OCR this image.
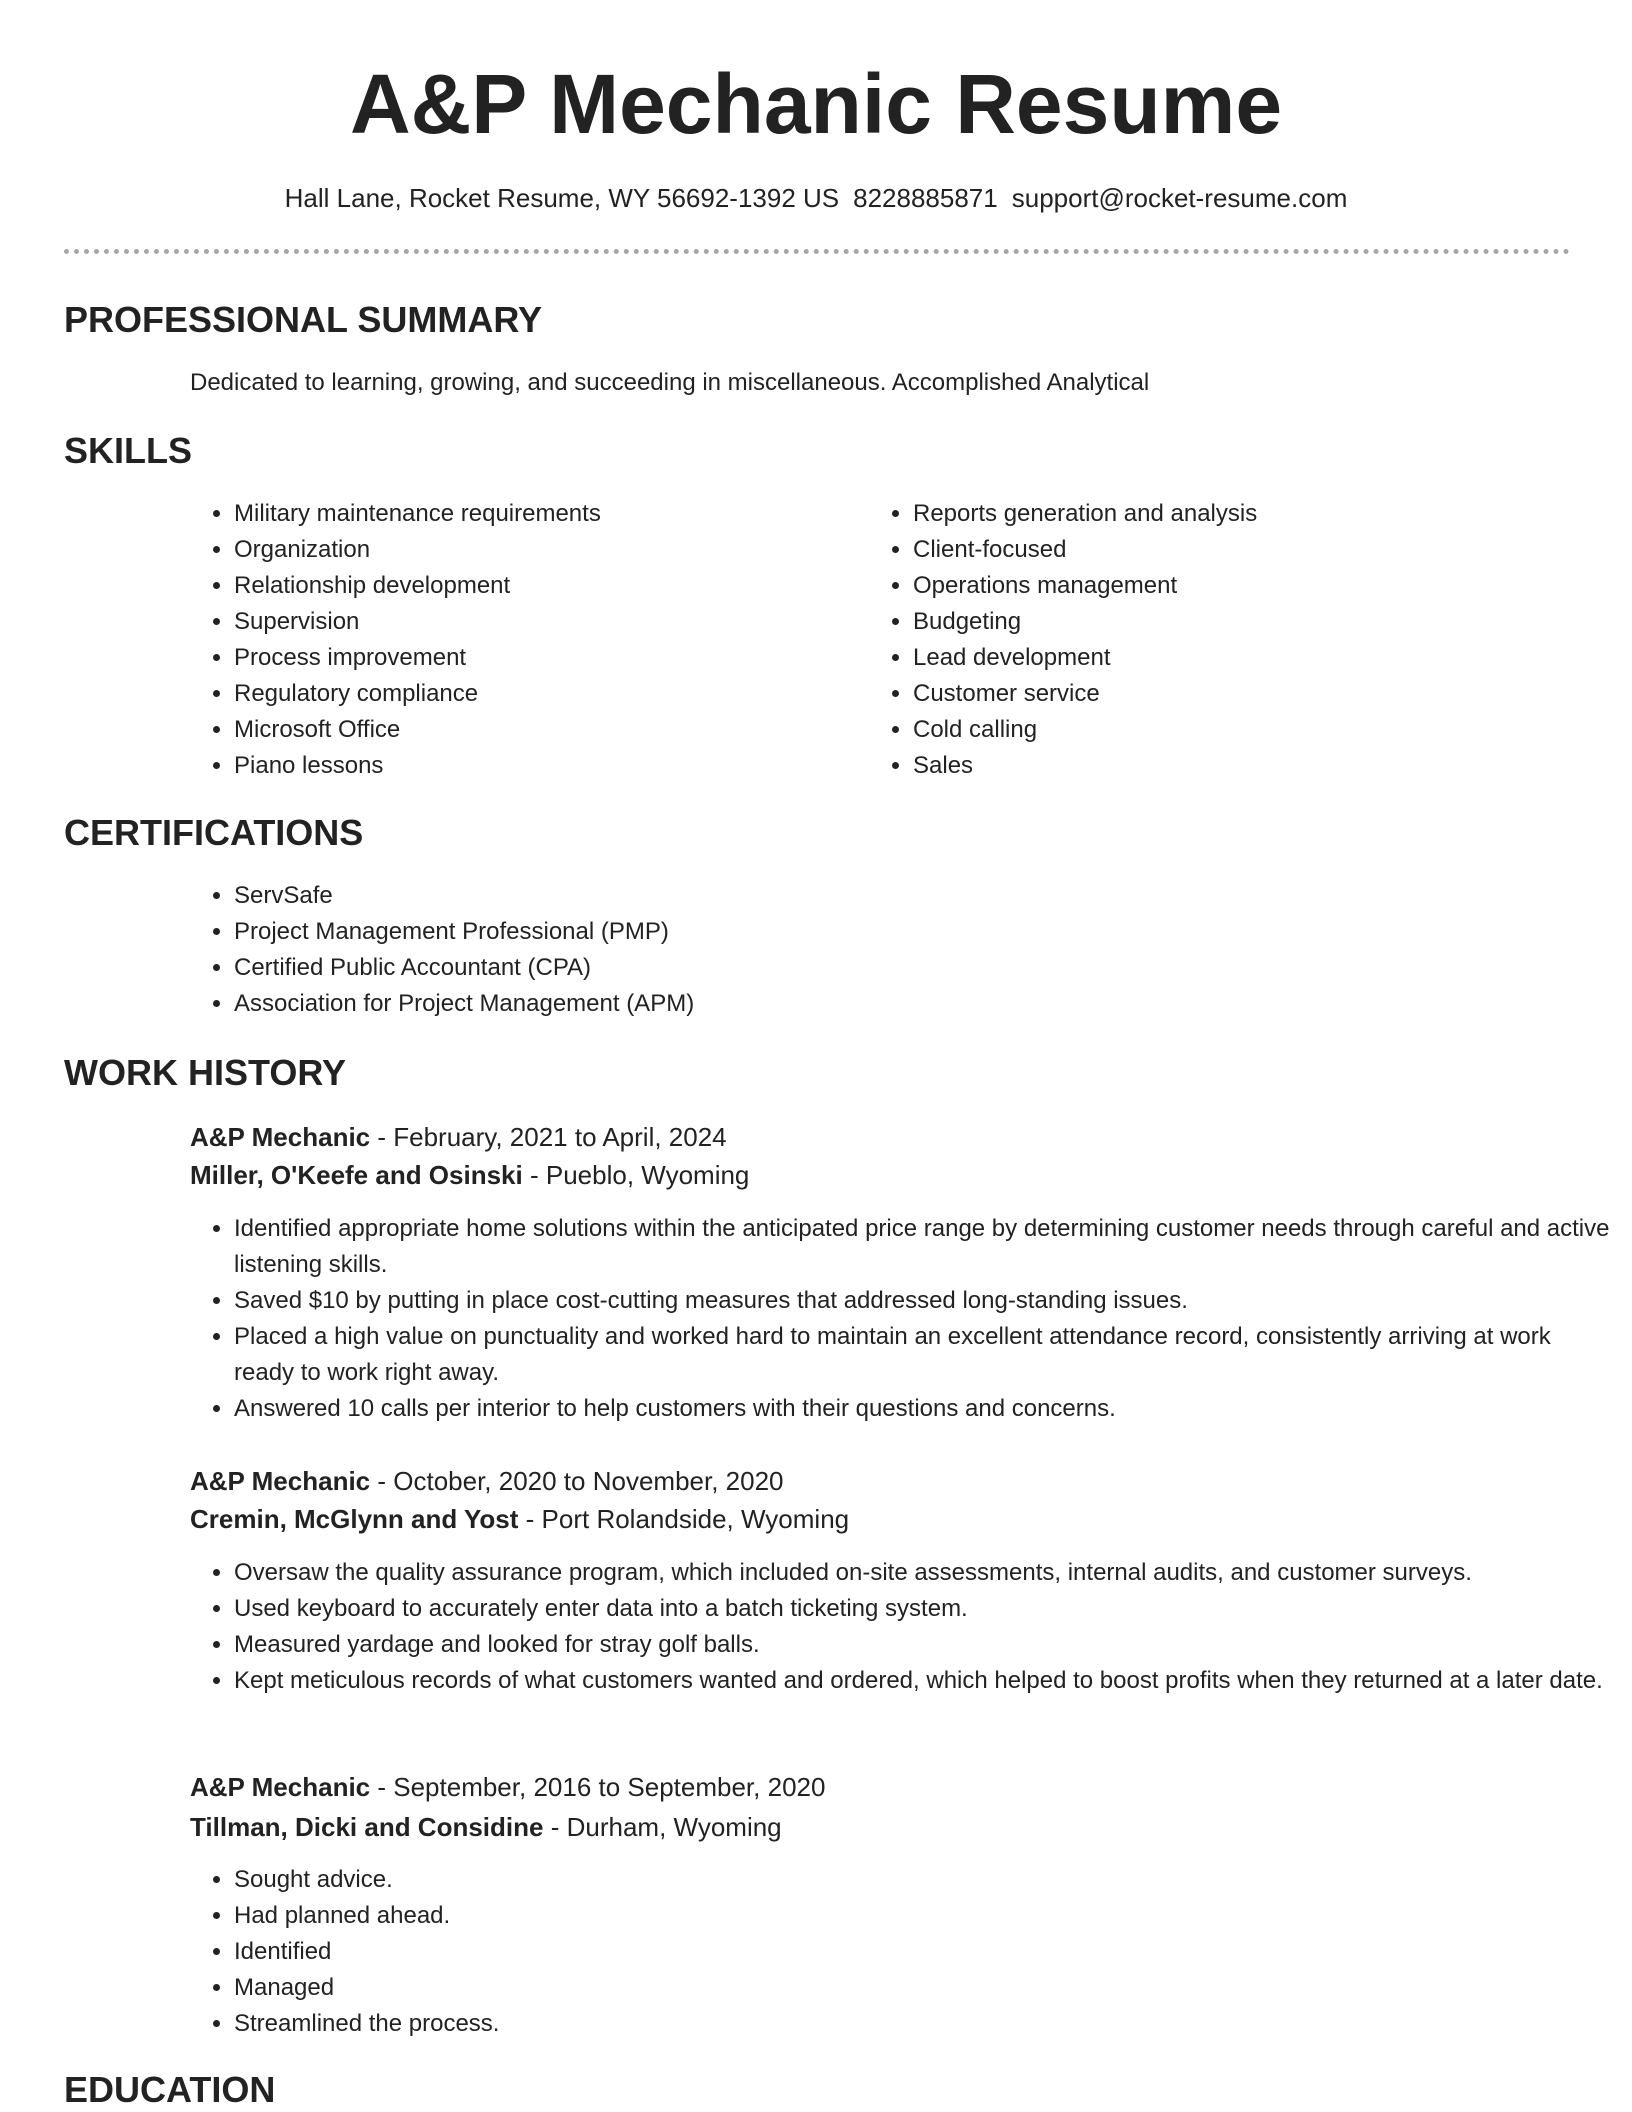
A&P Mechanic Resume
Hall Lane, Rocket Resume, WY 56692-1392 US 8228885871 support@rocket-resume.com
PROFESSIONAL SUMMARY

Dedicated to learning, growing, and succeeding in miscellaneous. Accomplished Analytical

SKILLS
• Military maintenance requirements
• Organization
• Relationship development
• Supervision
• Process improvement
• Regulatory compliance
• Microsoft Office
• Piano lessons
• Reports generation and analysis
• Client-focused
• Operations management
• Budgeting
• Lead development
• Customer service
• Cold calling
• Sales
CERTIFICATIONS
• ServSafe
• Project Management Professional (PMP)
• Certified Public Accountant (CPA)
• Association for Project Management (APM)
WORK HISTORY

A&P Mechanic - February, 2021 to April, 2024

Miller, O'Keefe and Osinski - Pueblo, Wyoming

• Identified appropriate home solutions within the anticipated price range by determining customer needs through careful and active listening skills.
• Saved $10 by putting in place cost-cutting measures that addressed long-standing issues.
• Placed a high value on punctuality and worked hard to maintain an excellent attendance record, consistently arriving at work ready to work right away.
• Answered 10 calls per interior to help customers with their questions and concerns.

A&P Mechanic - October, 2020 to November, 2020

Cremin, McGlynn and Yost - Port Rolandside, Wyoming

• Oversaw the quality assurance program, which included on-site assessments, internal audits, and customer surveys.
• Used keyboard to accurately enter data into a batch ticketing system.
• Measured yardage and looked for stray golf balls.
• Kept meticulous records of what customers wanted and ordered, which helped to boost profits when they returned at a later date.

A&P Mechanic - September, 2016 to September, 2020

Tillman, Dicki and Considine - Durham, Wyoming

• Sought advice.
• Had planned ahead.
• Identified
• Managed
• Streamlined the process.
EDUCATION
